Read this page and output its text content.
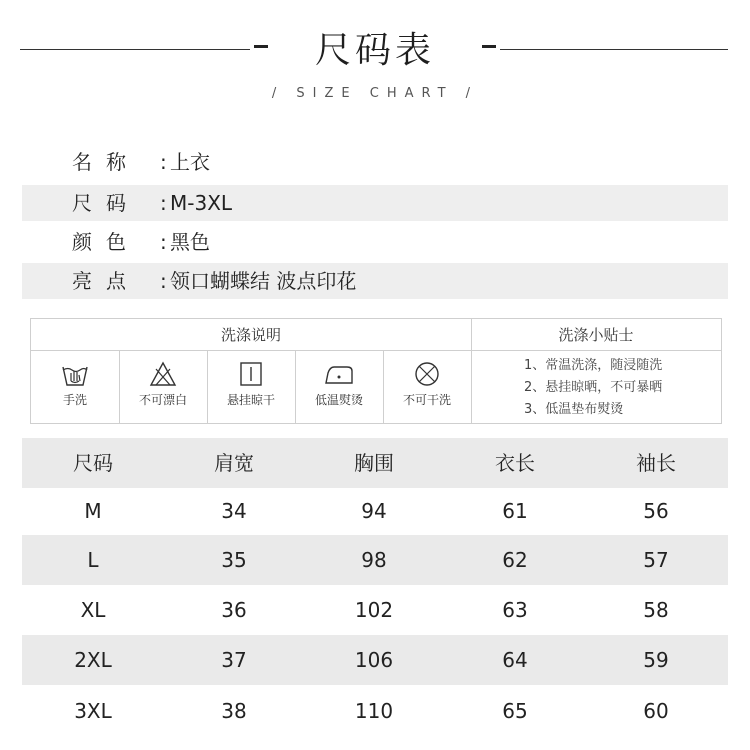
尺码表
/ SIZE CHART /
名称 : 上衣
尺码 : M-3XL
颜色 : 黑色
亮点 : 领口蝴蝶结 波点印花
洗涤说明	洗涤小贴士
手洗	不可漂白	悬挂晾干	低温熨烫	不可干洗
1、常温洗涤，随浸随洗
2、悬挂晾晒，不可暴晒
3、低温垫布熨烫
尺码	肩宽	胸围	衣长	袖长
M	34	94	61	56
L	35	98	62	57
XL	36	102	63	58
2XL	37	106	64	59
3XL	38	110	65	60
